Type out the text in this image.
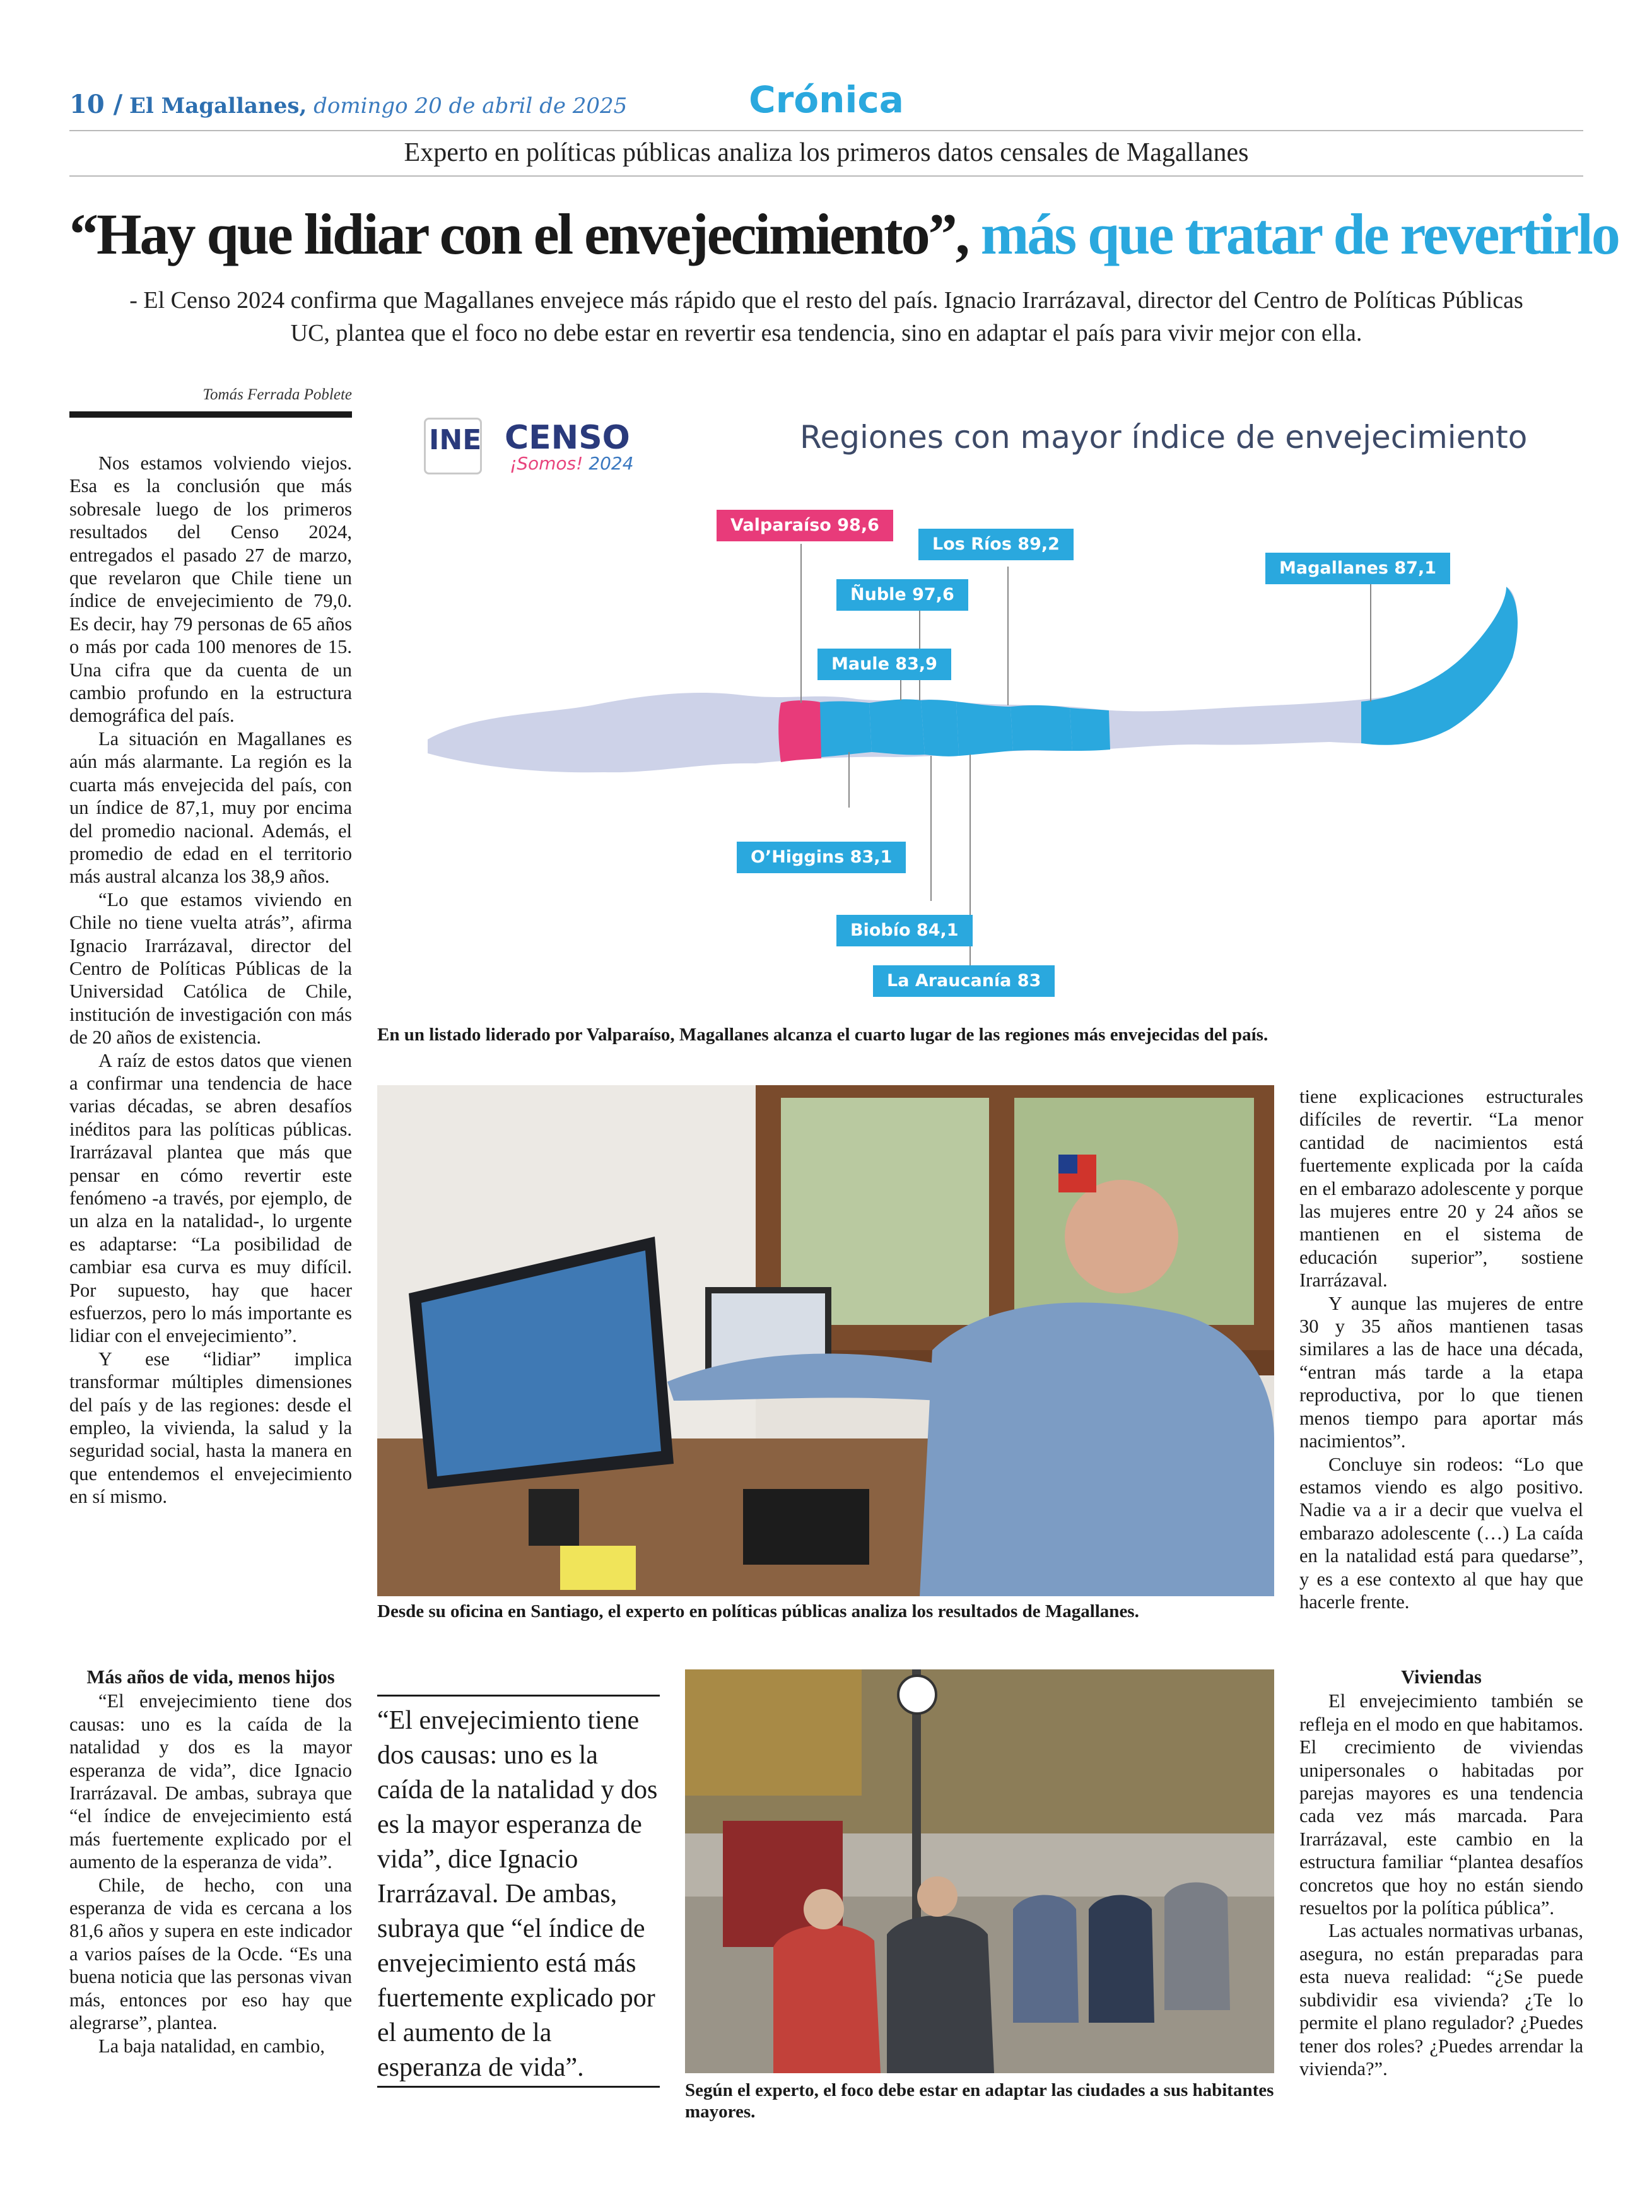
10 / El Magallanes, domingo 20 de abril de 2025	Crónica
Experto en políticas públicas analiza los primeros datos censales de Magallanes
“Hay que lidiar con el envejecimiento”, más que tratar de revertirlo
- El Censo 2024 confirma que Magallanes envejece más rápido que el resto del país. Ignacio Irarrázaval, director del Centro de Políticas Públicas UC, plantea que el foco no debe estar en revertir esa tendencia, sino en adaptar el país para vivir mejor con ella.
Tomás Ferrada Poblete

Nos estamos volviendo viejos. Esa es la conclusión que más sobresale luego de los primeros resultados del Censo 2024, entregados el pasado 27 de marzo, que revelaron que Chile tiene un índice de envejecimiento de 79,0. Es decir, hay 79 personas de 65 años o más por cada 100 menores de 15. Una cifra que da cuenta de un cambio profundo en la estructura demográfica del país.

La situación en Magallanes es aún más alarmante. La región es la cuarta más envejecida del país, con un índice de 87,1, muy por encima del promedio nacional. Además, el promedio de edad en el territorio más austral alcanza los 38,9 años.

“Lo que estamos viviendo en Chile no tiene vuelta atrás”, afirma Ignacio Irarrázaval, director del Centro de Políticas Públicas de la Universidad Católica de Chile, institución de investigación con más de 20 años de existencia.

A raíz de estos datos que vienen a confirmar una tendencia de hace varias décadas, se abren desafíos inéditos para las políticas públicas. Irarrázaval plantea que más que pensar en cómo revertir este fenómeno -a través, por ejemplo, de un alza en la natalidad-, lo urgente es adaptarse: “La posibilidad de cambiar esa curva es muy difícil. Por supuesto, hay que hacer esfuerzos, pero lo más importante es lidiar con el envejecimiento”.

Y ese “lidiar” implica transformar múltiples dimensiones del país y de las regiones: desde el empleo, la vivienda, la salud y la seguridad social, hasta la manera en que entendemos el envejecimiento en sí mismo.

Más años de vida, menos hijos

“El envejecimiento tiene dos causas: uno es la caída de la natalidad y dos es la mayor esperanza de vida”, dice Ignacio Irarrázaval. De ambas, subraya que “el índice de envejecimiento está más fuertemente explicado por el aumento de la esperanza de vida”.

Chile, de hecho, con una esperanza de vida es cercana a los 81,6 años y supera en este indicador a varios países de la Ocde. “Es una buena noticia que las personas vivan más, entonces por eso hay que alegrarse”, plantea.

La baja natalidad, en cambio,

INE CENSO
¡Somos! 2024
Regiones con mayor índice de envejecimiento
Valparaíso 98,6
Los Ríos 89,2
Ñuble 97,6
Magallanes 87,1
Maule 83,9
O’Higgins 83,1
Biobío 84,1
La Araucanía 83
En un listado liderado por Valparaíso, Magallanes alcanza el cuarto lugar de las regiones más envejecidas del país.
Desde su oficina en Santiago, el experto en políticas públicas analiza los resultados de Magallanes.

tiene explicaciones estructurales difíciles de revertir. “La menor cantidad de nacimientos está fuertemente explicada por la caída en el embarazo adolescente y porque las mujeres entre 20 y 24 años se mantienen en el sistema de educación superior”, sostiene Irarrázaval.

Y aunque las mujeres de entre 30 y 35 años mantienen tasas similares a las de hace una década, “entran más tarde a la etapa reproductiva, por lo que tienen menos tiempo para aportar más nacimientos”.

Concluye sin rodeos: “Lo que estamos viendo es algo positivo. Nadie va a ir a decir que vuelva el embarazo adolescente (…) La caída en la natalidad está para quedarse”, y es a ese contexto al que hay que hacerle frente.

Viviendas

El envejecimiento también se refleja en el modo en que habitamos. El crecimiento de viviendas unipersonales o habitadas por parejas mayores es una tendencia cada vez más marcada. Para Irarrázaval, este cambio en la estructura familiar “plantea desafíos concretos que hoy no están siendo resueltos por la política pública”.

Las actuales normativas urbanas, asegura, no están preparadas para esta nueva realidad: “¿Se puede subdividir esa vivienda? ¿Te lo permite el plano regulador? ¿Puedes tener dos roles? ¿Puedes arrendar la vivienda?”.

“El envejecimiento tiene dos causas: uno es la caída de la natalidad y dos es la mayor esperanza de vida”, dice Ignacio Irarrázaval. De ambas, subraya que “el índice de envejecimiento está más fuertemente explicado por el aumento de la esperanza de vida”.
Según el experto, el foco debe estar en adaptar las ciudades a sus habitantes mayores.
